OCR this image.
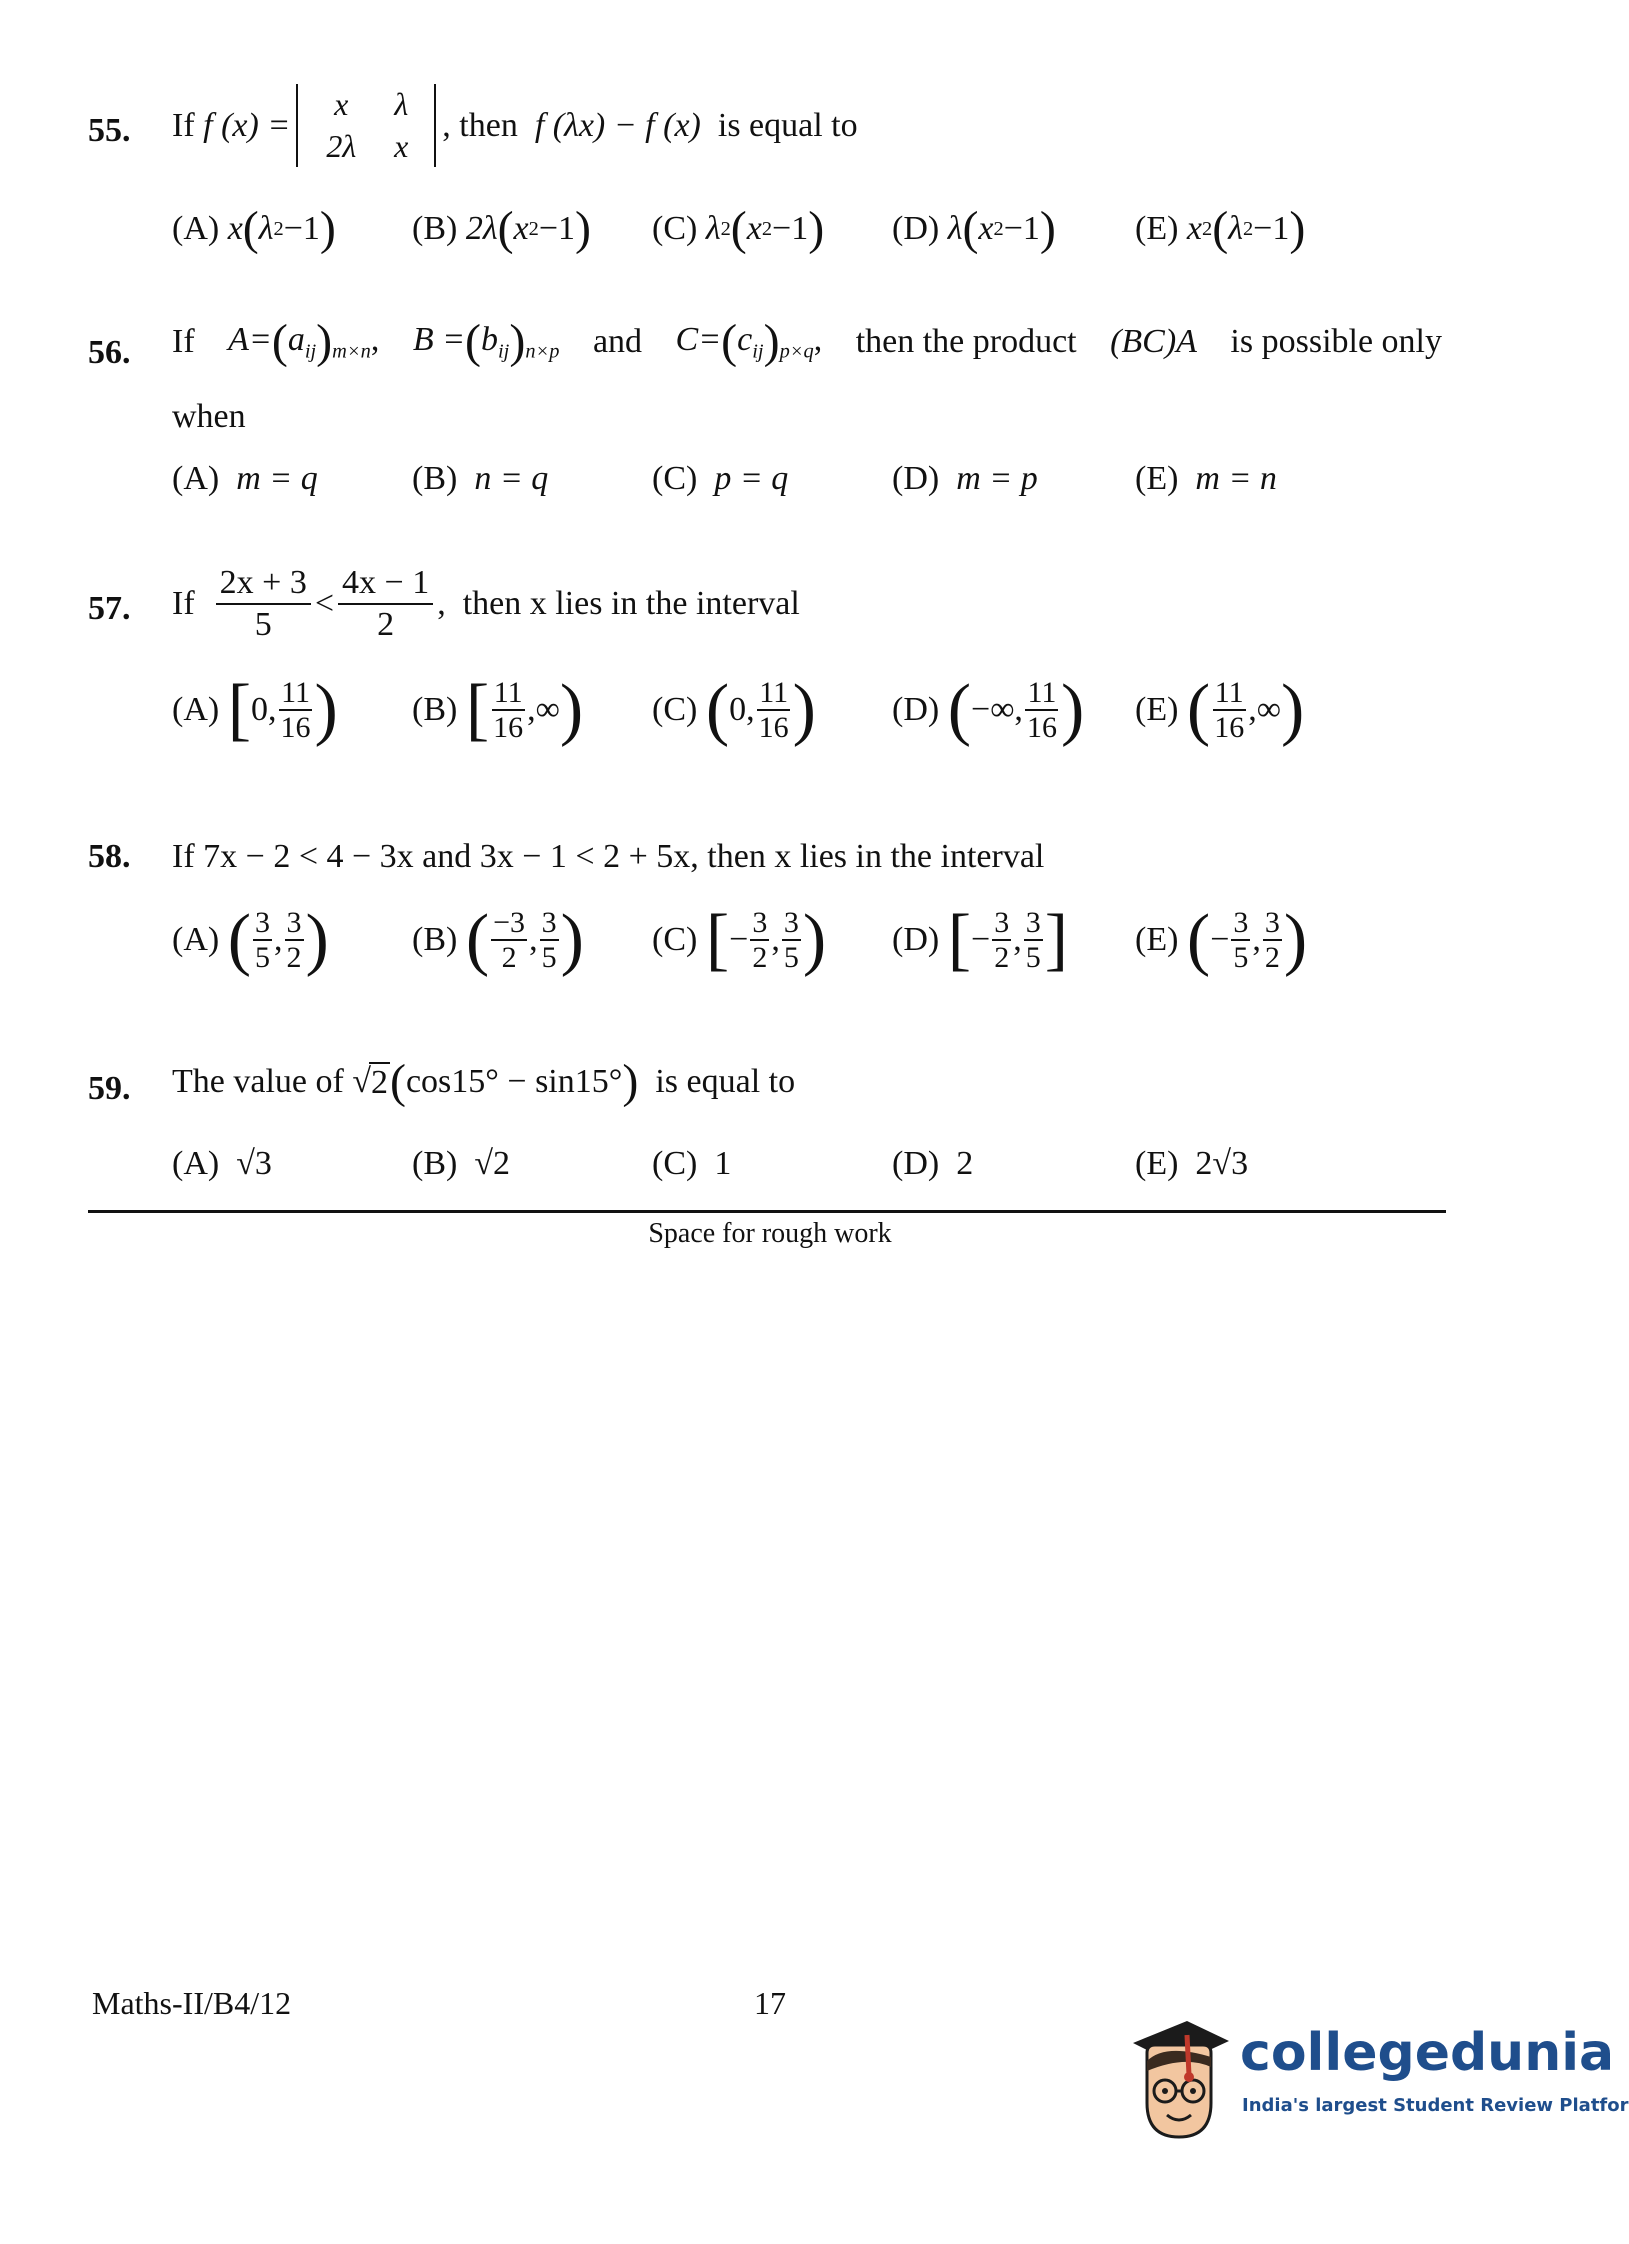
55. If
f (x) =
x	λ
2λ	x
, then
f (λx) − f (x)
is equal to
(A)
x ( λ 2 −1 ) (B)
2λ ( x 2 −1 ) (C)
λ 2 ( x 2 −1 ) (D)
λ ( x 2 −1 ) (E)
x 2 ( λ 2 −1 )
56. If $A=(a_{ij})_{m\times n}$, $B =(b_{ij})_{n\times p}$ and $C=(c_{ij})_{p\times q}$, then the product (BC)A is possible only
when
(A)
m = q	(B)
n = q	(C)
p = q	(D)
m = p	(E)
m = n
57. If
$\frac{2x + 3}{5} < \frac{4x - 1}{2}$ ,
then x lies in the interval
(A)
[ 0, $\frac{11}{16}$ ) (B)
[ $\frac{11}{16}$ ,∞ ) (C)
( 0, $\frac{11}{16}$ ) (D)
( −∞, $\frac{11}{16}$ ) (E)
( $\frac{11}{16}$ ,∞ )
58. If 7x − 2 < 4 − 3x and 3x − 1 < 2 + 5x, then x lies in the interval
(A)
( $\frac{3}{5}$ , $\frac{3}{2}$ ) (B)
( $\frac{-3}{2}$ , $\frac{3}{5}$ ) (C)
[ − $\frac{3}{2}$ , $\frac{3}{5}$ ) (D)
[ − $\frac{3}{2}$ , $\frac{3}{5}$ ] (E)
( − $\frac{3}{5}$ , $\frac{3}{2}$ )
59. The value of
√ 2 ( cos15° − sin15° )
is equal to
(A)
√3	(B)
√2	(C)
1	(D)
2	(E)
2√3
Space for rough work
Maths-II/B4/12	17
collegedunia
India's largest Student Review Platfor
